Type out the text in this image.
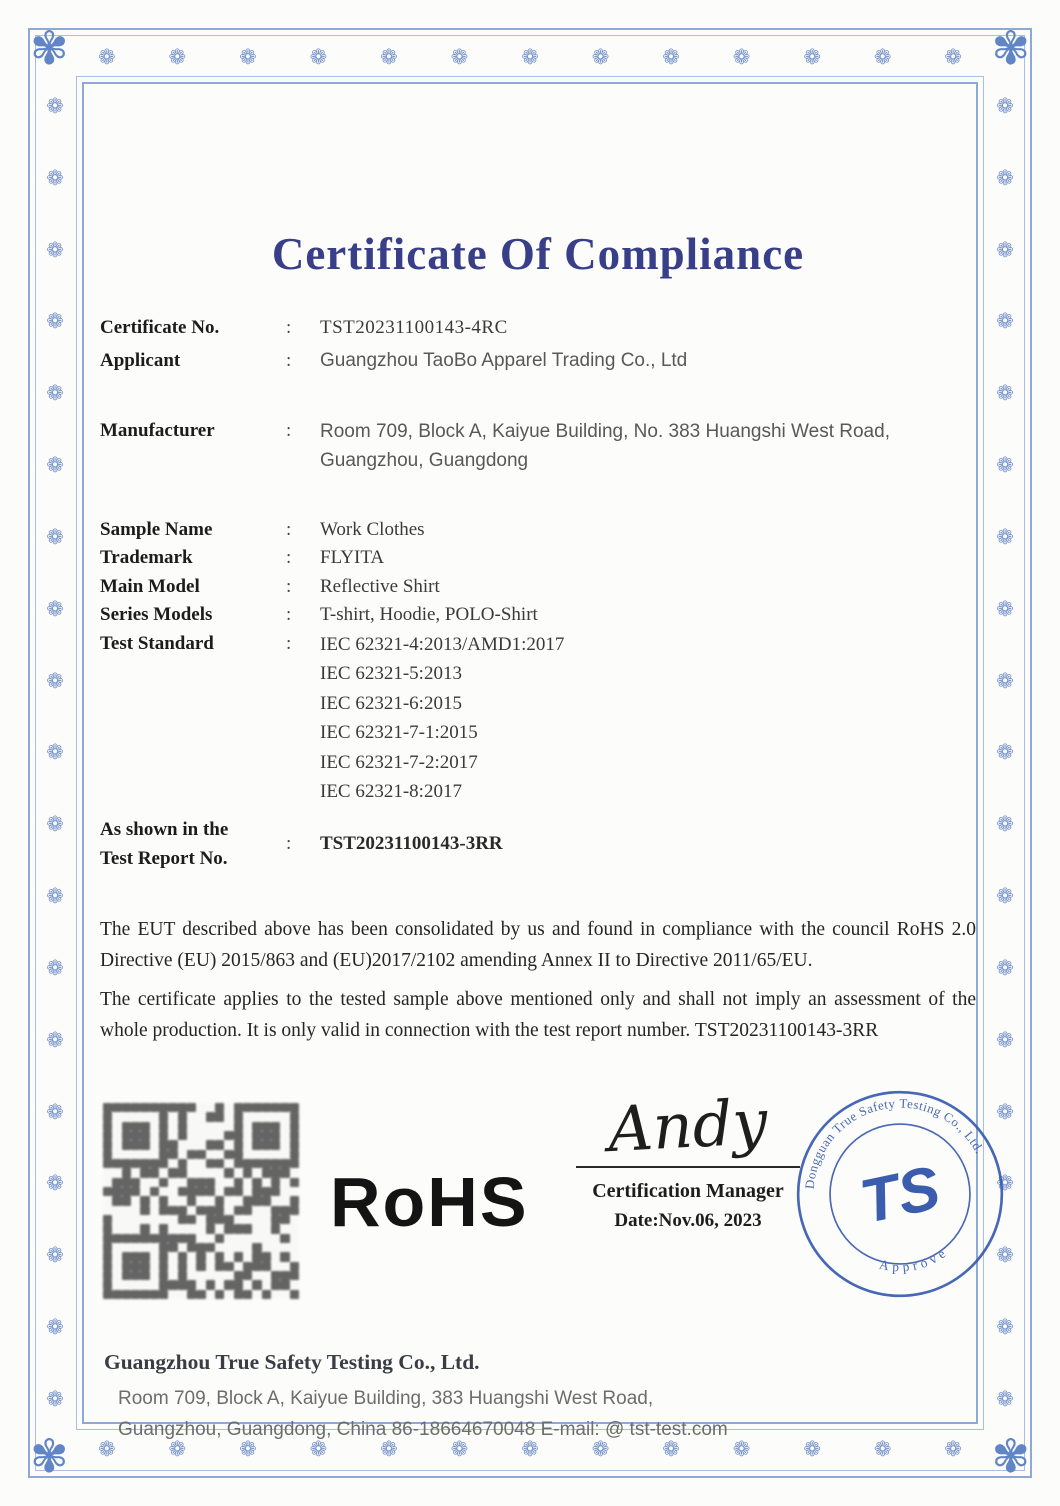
❁	❁	❁	❁	❁	❁	❁	❁	❁	❁	❁	❁	❁
❁	❁	❁	❁	❁	❁	❁	❁	❁	❁	❁	❁	❁
❁
❁
❁
❁
❁
❁
❁
❁
❁
❁
❁
❁
❁
❁
❁
❁
❁
❁
❁
❁
❁
❁
❁
❁
❁
❁
❁
❁
❁
❁
❁
❁
❁
❁
❁
❁
❁
❁
✾	✾
✾	✾
Certificate Of Compliance
Certificate No.	:	TST20231100143-4RC
Applicant	:	Guangzhou TaoBo Apparel Trading Co., Ltd
Manufacturer	:	Room 709, Block A, Kaiyue Building, No. 383 Huangshi West Road,
Guangzhou, Guangdong
Sample Name	:	Work Clothes
Trademark	:	FLYITA
Main Model	:	Reflective Shirt
Series Models	:	T-shirt, Hoodie, POLO-Shirt
Test Standard	:	IEC 62321-4:2013/AMD1:2017
IEC 62321-5:2013
IEC 62321-6:2015
IEC 62321-7-1:2015
IEC 62321-7-2:2017
IEC 62321-8:2017
As shown in the
Test Report No.
:	TST20231100143-3RR

The EUT described above has been consolidated by us and found in compliance with the council RoHS 2.0 Directive (EU) 2015/863 and (EU)2017/2102 amending Annex II to Directive 2011/65/EU.

The certificate applies to the tested sample above mentioned only and shall not imply an assessment of the whole production. It is only valid in connection with the test report number. TST20231100143-3RR

RoHS
Andy
Certification Manager
Date:Nov.06, 2023
Dongguan True Safety Testing Co., Ltd.
Approve
TS
Guangzhou True Safety Testing Co., Ltd.
Room 709, Block A, Kaiyue Building, 383 Huangshi West Road,
Guangzhou, Guangdong, China 86-18664670048 E-mail: @ tst-test.com
